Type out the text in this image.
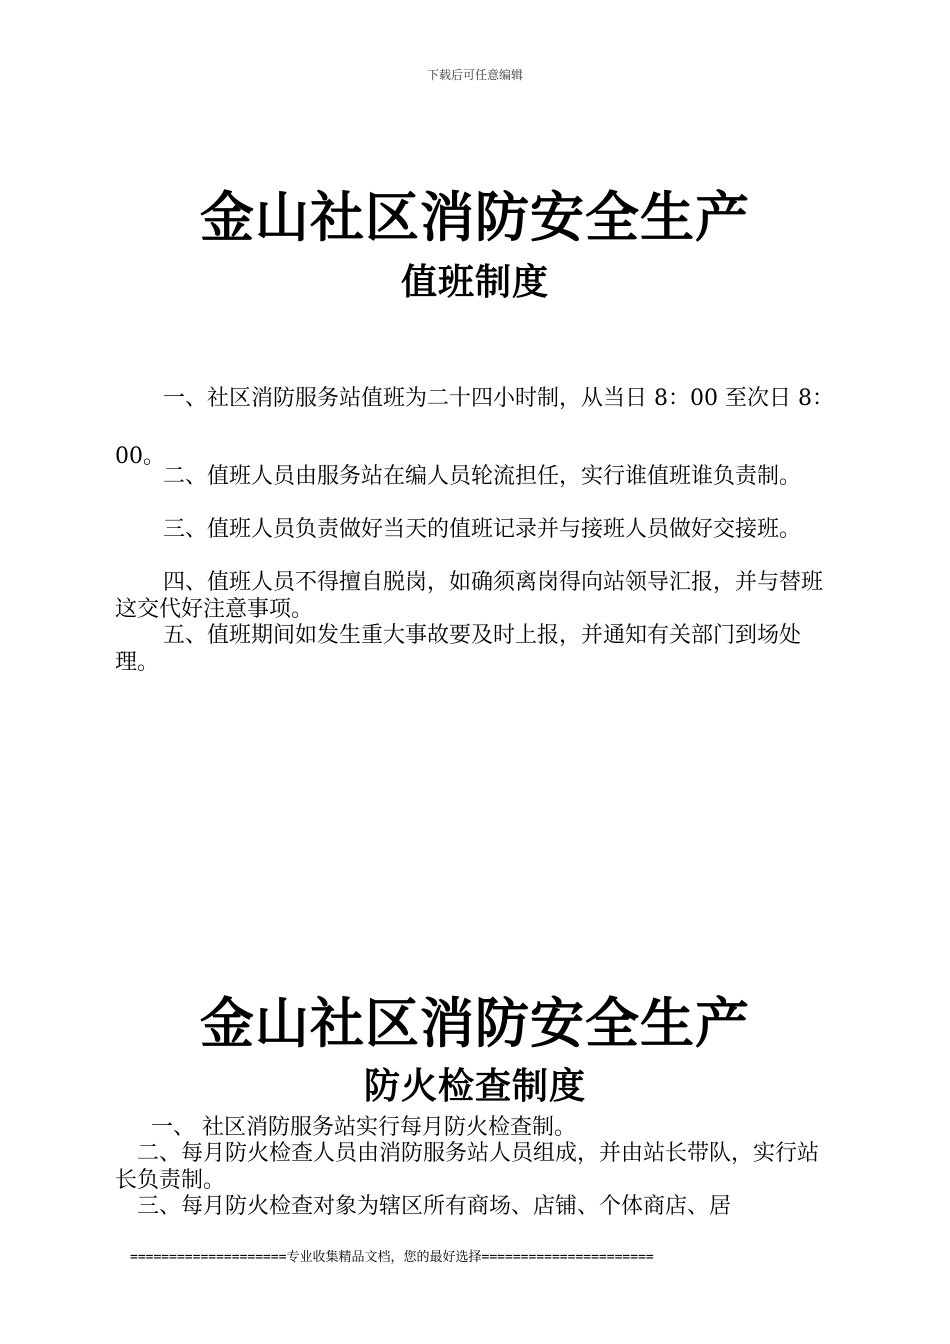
下载后可任意编辑
金山社区消防安全生产
值班制度

一、社区消防服务站值班为二十四小时制，从当日 8：00 至次日 8：00。

二、值班人员由服务站在编人员轮流担任，实行谁值班谁负责制。

三、值班人员负责做好当天的值班记录并与接班人员做好交接班。

四、值班人员不得擅自脱岗，如确须离岗得向站领导汇报，并与替班这交代好注意事项。

五、值班期间如发生重大事故要及时上报，并通知有关部门到场处理。

金山社区消防安全生产
防火检查制度

一、 社区消防服务站实行每月防火检查制。

二、每月防火检查人员由消防服务站人员组成，并由站长带队，实行站长负责制。

三、每月防火检查对象为辖区所有商场、店铺、个体商店、居

====================专业收集精品文档，您的最好选择======================
